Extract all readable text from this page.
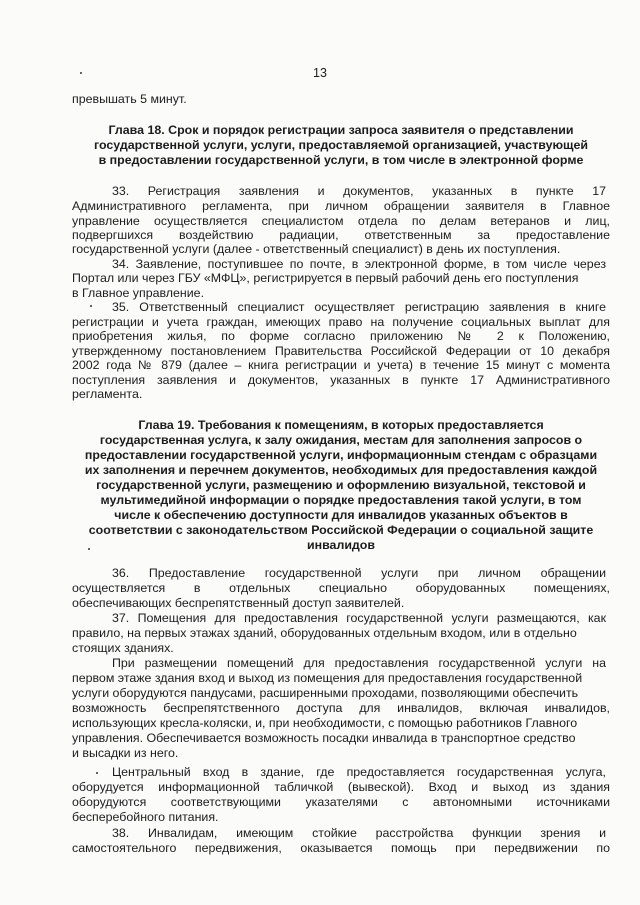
13
превышать 5 минут.
Глава 18. Срок и порядок регистрации запроса заявителя о представлении
государственной услуги, услуги, предоставляемой организацией, участвующей
в предоставлении государственной услуги, в том числе в электронной форме
33. Регистрация заявления и документов, указанных в пункте 17
Административного регламента, при личном обращении заявителя в Главное
управление осуществляется специалистом отдела по делам ветеранов и лиц,
подвергшихся воздействию радиации, ответственным за предоставление
государственной услуги (далее - ответственный специалист) в день их поступления.
34. Заявление, поступившее по почте, в электронной форме, в том числе через
Портал или через ГБУ «МФЦ», регистрируется в первый рабочий день его поступления
в Главное управление.
35. Ответственный специалист осуществляет регистрацию заявления в книге
регистрации и учета граждан, имеющих право на получение социальных выплат для
приобретения жилья, по форме согласно приложению № 2 к Положению,
утвержденному постановлением Правительства Российской Федерации от 10 декабря
2002 года № 879 (далее – книга регистрации и учета) в течение 15 минут с момента
поступления заявления и документов, указанных в пункте 17 Административного
регламента.
Глава 19. Требования к помещениям, в которых предоставляется
государственная услуга, к залу ожидания, местам для заполнения запросов о
предоставлении государственной услуги, информационным стендам с образцами
их заполнения и перечнем документов, необходимых для предоставления каждой
государственной услуги, размещению и оформлению визуальной, текстовой и
мультимедийной информации о порядке предоставления такой услуги, в том
числе к обеспечению доступности для инвалидов указанных объектов в
соответствии с законодательством Российской Федерации о социальной защите
инвалидов
36. Предоставление государственной услуги при личном обращении
осуществляется в отдельных специально оборудованных помещениях,
обеспечивающих беспрепятственный доступ заявителей.
37. Помещения для предоставления государственной услуги размещаются, как
правило, на первых этажах зданий, оборудованных отдельным входом, или в отдельно
стоящих зданиях.
При размещении помещений для предоставления государственной услуги на
первом этаже здания вход и выход из помещения для предоставления государственной
услуги оборудуются пандусами, расширенными проходами, позволяющими обеспечить
возможность беспрепятственного доступа для инвалидов, включая инвалидов,
использующих кресла-коляски, и, при необходимости, с помощью работников Главного
управления. Обеспечивается возможность посадки инвалида в транспортное средство
и высадки из него.
Центральный вход в здание, где предоставляется государственная услуга,
оборудуется информационной табличкой (вывеской). Вход и выход из здания
оборудуются соответствующими указателями с автономными источниками
бесперебойного питания.
38. Инвалидам, имеющим стойкие расстройства функции зрения и
самостоятельного передвижения, оказывается помощь при передвижении по
